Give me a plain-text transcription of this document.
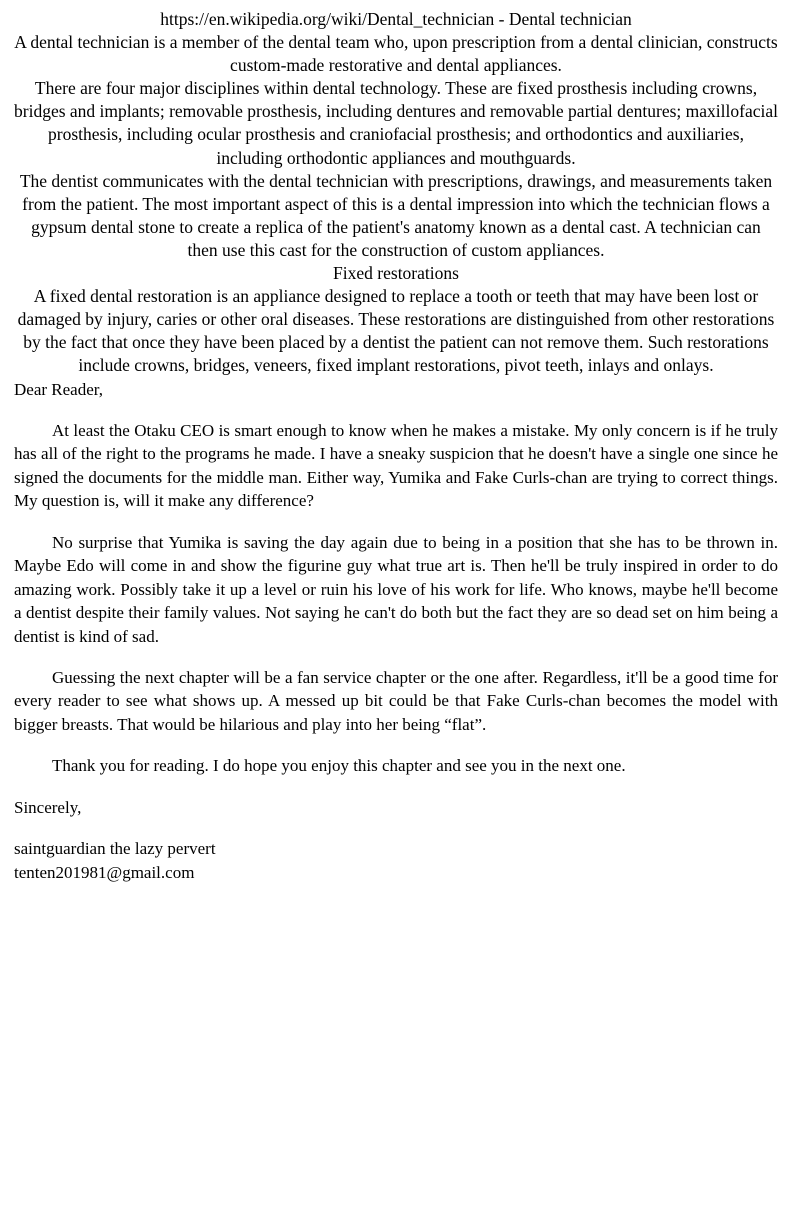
https://en.wikipedia.org/wiki/Dental_technician - Dental technician

A dental technician is a member of the dental team who, upon prescription from a dental clinician, constructs custom-made restorative and dental appliances.

There are four major disciplines within dental technology. These are fixed prosthesis including crowns, bridges and implants; removable prosthesis, including dentures and removable partial dentures; maxillofacial prosthesis, including ocular prosthesis and craniofacial prosthesis; and orthodontics and auxiliaries, including orthodontic appliances and mouthguards.

The dentist communicates with the dental technician with prescriptions, drawings, and measurements taken from the patient. The most important aspect of this is a dental impression into which the technician flows a gypsum dental stone to create a replica of the patient's anatomy known as a dental cast. A technician can then use this cast for the construction of custom appliances.

Fixed restorations

A fixed dental restoration is an appliance designed to replace a tooth or teeth that may have been lost or damaged by injury, caries or other oral diseases. These restorations are distinguished from other restorations by the fact that once they have been placed by a dentist the patient can not remove them. Such restorations include crowns, bridges, veneers, fixed implant restorations, pivot teeth, inlays and onlays.

Dear Reader,

At least the Otaku CEO is smart enough to know when he makes a mistake. My only concern is if he truly has all of the right to the programs he made. I have a sneaky suspicion that he doesn't have a single one since he signed the documents for the middle man. Either way, Yumika and Fake Curls-chan are trying to correct things. My question is, will it make any difference?

No surprise that Yumika is saving the day again due to being in a position that she has to be thrown in. Maybe Edo will come in and show the figurine guy what true art is. Then he'll be truly inspired in order to do amazing work. Possibly take it up a level or ruin his love of his work for life. Who knows, maybe he'll become a dentist despite their family values. Not saying he can't do both but the fact they are so dead set on him being a dentist is kind of sad.

Guessing the next chapter will be a fan service chapter or the one after. Regardless, it'll be a good time for every reader to see what shows up. A messed up bit could be that Fake Curls-chan becomes the model with bigger breasts. That would be hilarious and play into her being “flat”.

Thank you for reading. I do hope you enjoy this chapter and see you in the next one.

Sincerely,

saintguardian the lazy pervert

tenten201981@gmail.com
